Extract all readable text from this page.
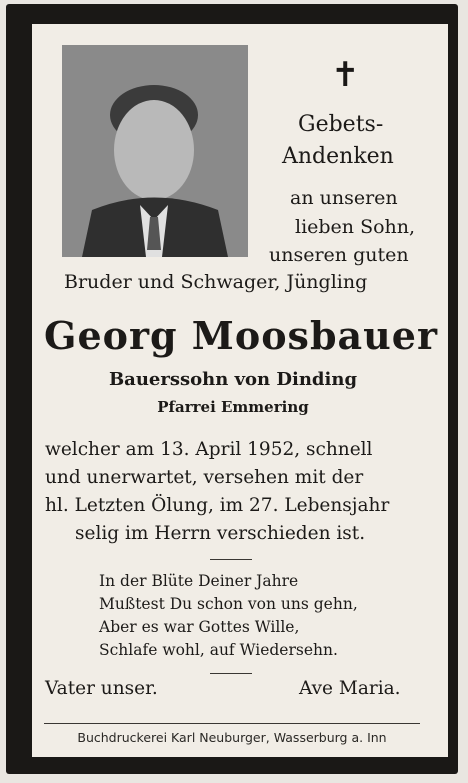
✝
Gebets-
Andenken
an unseren
lieben Sohn,
unseren guten
Bruder und Schwager, Jüngling
Georg Moosbauer
Bauerssohn von Dinding
Pfarrei Emmering
welcher am 13. April 1952, schnell
und unerwartet, versehen mit der
hl. Letzten Ölung, im 27. Lebensjahr
selig im Herrn verschieden ist.
In der Blüte Deiner Jahre
Mußtest Du schon von uns gehn,
Aber es war Gottes Wille,
Schlafe wohl, auf Wiedersehn.
Vater unser.	Ave Maria.
Buchdruckerei Karl Neuburger, Wasserburg a. Inn
